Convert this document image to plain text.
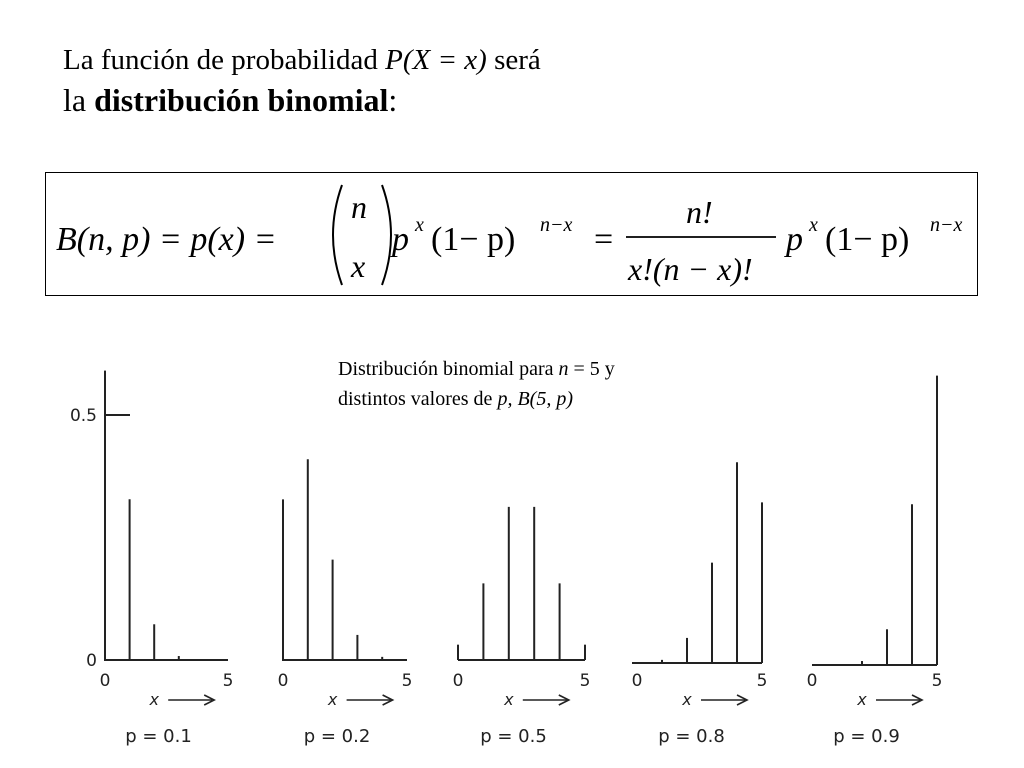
La función de probabilidad P(X = x) será
la distribución binomial:
B(n, p) = p(x) =
n
x
p x (1− p) n−x =
n!
x!(n − x)!
p x (1− p) n−x
Distribución binomial para n = 5 y
distintos valores de p, B(5, p)
0.5
0
0	5
x
p = 0.1
0	5
x
p = 0.2
0	5
x
p = 0.5
0	5
x
p = 0.8
0	5
x
p = 0.9
